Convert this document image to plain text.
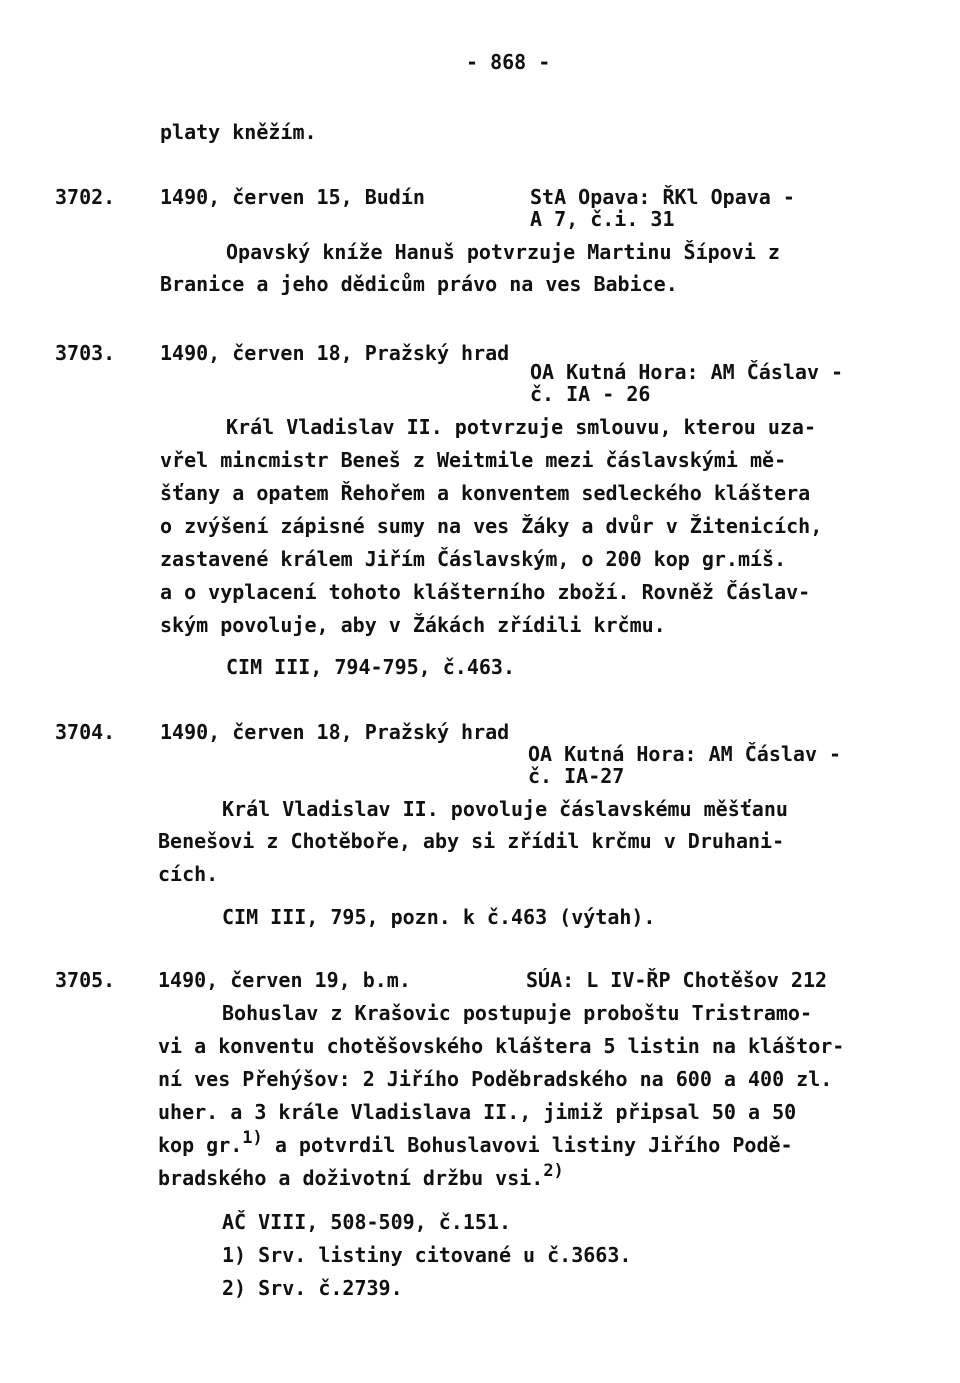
- 868 -
platy kněžím.
3702. 1490, červen 15, Budín	StA Opava: ŘKl Opava -
A 7, č.i. 31
Opavský kníže Hanuš potvrzuje Martinu Šípovi z
Branice a jeho dědicům právo na ves Babice.
3703. 1490, červen 18, Pražský hrad
OA Kutná Hora: AM Čáslav -
č. IA - 26
Král Vladislav II. potvrzuje smlouvu, kterou uza-
vřel mincmistr Beneš z Weitmile mezi čáslavskými mě-
šťany a opatem Řehořem a konventem sedleckého kláštera
o zvýšení zápisné sumy na ves Žáky a dvůr v Žitenicích,
zastavené králem Jiřím Čáslavským, o 200 kop gr.míš.
a o vyplacení tohoto klášterního zboží. Rovněž Čáslav-
ským povoluje, aby v Žákách zřídili krčmu.
CIM III, 794-795, č.463.
3704. 1490, červen 18, Pražský hrad
OA Kutná Hora: AM Čáslav -
č. IA-27
Král Vladislav II. povoluje čáslavskému měšťanu
Benešovi z Chotěboře, aby si zřídil krčmu v Druhani-
cích.
CIM III, 795, pozn. k č.463 (výtah).
3705. 1490, červen 19, b.m.	SÚA: L IV-ŘP Chotěšov 212
Bohuslav z Krašovic postupuje proboštu Tristramo-
vi a konventu chotěšovského kláštera 5 listin na kláštor-
ní ves Přehýšov: 2 Jiřího Poděbradského na 600 a 400 zl.
uher. a 3 krále Vladislava II., jimiž připsal 50 a 50
kop gr.$^{1)}$ a potvrdil Bohuslavovi listiny Jiřího Podě-
bradského a doživotní držbu vsi.$^{2)}$
AČ VIII, 508-509, č.151.
1) Srv. listiny citované u č.3663.
2) Srv. č.2739.
